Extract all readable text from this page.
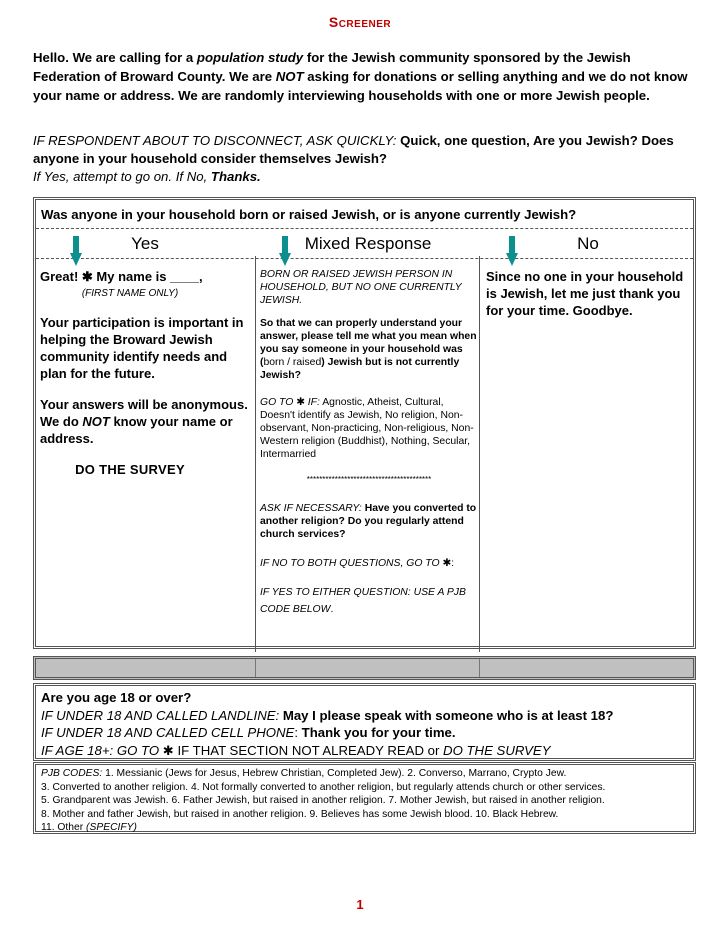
Screener
Hello. We are calling for a population study for the Jewish community sponsored by the Jewish Federation of Broward County. We are NOT asking for donations or selling anything and we do not know your name or address. We are randomly interviewing households with one or more Jewish people.
IF RESPONDENT ABOUT TO DISCONNECT, ASK QUICKLY: Quick, one question, Are you Jewish? Does anyone in your household consider themselves Jewish?
If Yes, attempt to go on. If No, Thanks.
Was anyone in your household born or raised Jewish, or is anyone currently Jewish?
Yes	Mixed Response	No

Great! ✱ My name is ____,

(FIRST NAME ONLY)

Your participation is important in helping the Broward Jewish community identify needs and plan for the future.

Your answers will be anonymous. We do NOT know your name or address.

DO THE SURVEY

BORN OR RAISED JEWISH PERSON IN HOUSEHOLD, BUT NO ONE CURRENTLY JEWISH.

So that we can properly understand your answer, please tell me what you mean when you say someone in your household was (born / raised) Jewish but is not currently Jewish?

GO TO ✱ IF: Agnostic, Atheist, Cultural, Doesn't identify as Jewish, No religion, Non-observant, Non-practicing, Non-religious, Non-Western religion (Buddhist), Nothing, Secular, Intermarried

****************************************

ASK IF NECESSARY: Have you converted to another religion? Do you regularly attend church services?

IF NO TO BOTH QUESTIONS, GO TO ✱:

IF YES TO EITHER QUESTION: USE A PJB CODE BELOW.

Since no one in your household is Jewish, let me just thank you for your time. Goodbye.
Are you age 18 or over?
IF UNDER 18 AND CALLED LANDLINE: May I please speak with someone who is at least 18?
IF UNDER 18 AND CALLED CELL PHONE: Thank you for your time.
IF AGE 18+: GO TO ✱ IF THAT SECTION NOT ALREADY READ or DO THE SURVEY
PJB CODES: 1. Messianic (Jews for Jesus, Hebrew Christian, Completed Jew). 2. Converso, Marrano, Crypto Jew.
3. Converted to another religion. 4. Not formally converted to another religion, but regularly attends church or other services.
5. Grandparent was Jewish. 6. Father Jewish, but raised in another religion. 7. Mother Jewish, but raised in another religion.
8. Mother and father Jewish, but raised in another religion. 9. Believes has some Jewish blood. 10. Black Hebrew.
11. Other (SPECIFY)
1
